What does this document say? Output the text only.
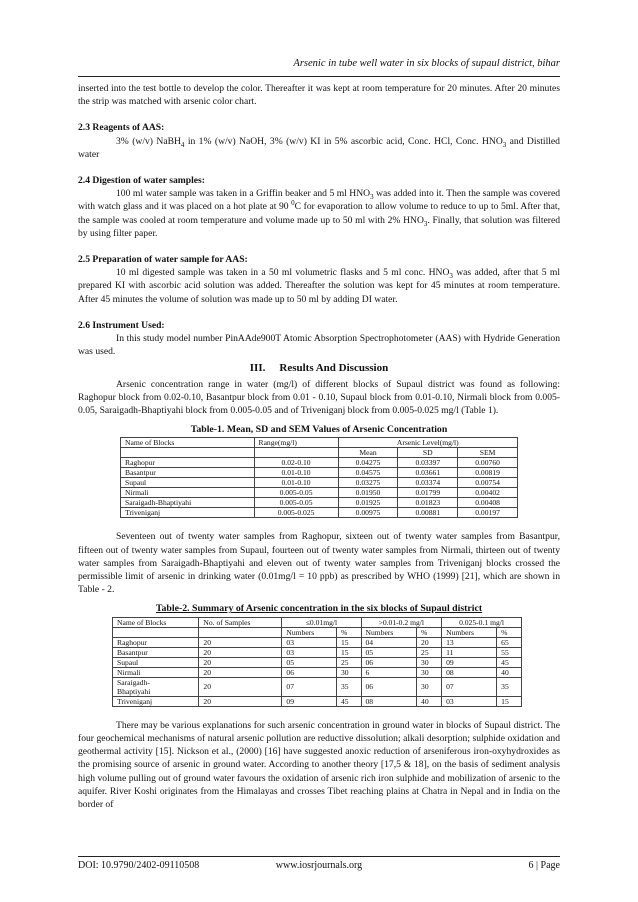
Arsenic in tube well water in six blocks of supaul district, bihar

inserted into the test bottle to develop the color. Thereafter it was kept at room temperature for 20 minutes. After 20 minutes the strip was matched with arsenic color chart.

2.3 Reagents of AAS:

3% (w/v) NaBH$_4$ in 1% (w/v) NaOH, 3% (w/v) KI in 5% ascorbic acid, Conc. HCl, Conc. $HNO_3$ and Distilled water

2.4 Digestion of water samples:

100 ml water sample was taken in a Griffin beaker and 5 ml $HNO_3$ was added into it. Then the sample was covered with watch glass and it was placed on a hot plate at 90 $^0$C for evaporation to allow volume to reduce to up to 5ml. After that, the sample was cooled at room temperature and volume made up to 50 ml with 2% $HNO_3$. Finally, that solution was filtered by using filter paper.

2.5 Preparation of water sample for AAS:

10 ml digested sample was taken in a 50 ml volumetric flasks and 5 ml conc. $HNO_3$ was added, after that 5 ml prepared KI with ascorbic acid solution was added. Thereafter the solution was kept for 45 minutes at room temperature. After 45 minutes the volume of solution was made up to 50 ml by adding DI water.

2.6 Instrument Used:

In this study model number PinAAde900T Atomic Absorption Spectrophotometer (AAS) with Hydride Generation was used.

III. Results And Discussion

Arsenic concentration range in water (mg/l) of different blocks of Supaul district was found as following: Raghopur block from 0.02-0.10, Basantpur block from 0.01 - 0.10, Supaul block from 0.01-0.10, Nirmali block from 0.005-0.05, Saraigadh-Bhaptiyahi block from 0.005-0.05 and of Triveniganj block from 0.005-0.025 mg/l (Table 1).

Table-1. Mean, SD and SEM Values of Arsenic Concentration
Name of Blocks	Range(mg/l)	Arsenic Level(mg/l)		
		Mean	SD	SEM
Raghopur	0.02-0.10	0.04275	0.03397	0.00760
Basantpur	0.01-0.10	0.04575	0.03661	0.00819
Supaul	0.01-0.10	0.03275	0.03374	0.00754
Nirmali	0.005-0.05	0.01950	0.01799	0.00402
Saraigadh-Bhaptiyahi	0.005-0.05	0.01925	0.01823	0.00408
Triveniganj	0.005-0.025	0.00975	0.00881	0.00197

Seventeen out of twenty water samples from Raghopur, sixteen out of twenty water samples from Basantpur, fifteen out of twenty water samples from Supaul, fourteen out of twenty water samples from Nirmali, thirteen out of twenty water samples from Saraigadh-Bhaptiyahi and eleven out of twenty water samples from Triveniganj blocks crossed the permissible limit of arsenic in drinking water (0.01mg/l = 10 ppb) as prescribed by WHO (1999) [21], which are shown in Table - 2.

Table-2. Summary of Arsenic concentration in the six blocks of Supaul district
Name of Blocks	No. of Samples	≤0.01mg/l		>0.01-0.2 mg/l		0.025-0.1 mg/l	
		Numbers	%	Numbers	%	Numbers	%
Raghopur	20	03	15	04	20	13	65
Basantpur	20	03	15	05	25	11	55
Supaul	20	05	25	06	30	09	45
Nirmali	20	06	30	6	30	08	40
Saraigadh-
Bhaptiyahi	20	07	35	06	30	07	35
Triveniganj	20	09	45	08	40	03	15

There may be various explanations for such arsenic concentration in ground water in blocks of Supaul district. The four geochemical mechanisms of natural arsenic pollution are reductive dissolution; alkali desorption; sulphide oxidation and geothermal activity [15]. Nickson et al., (2000) [16] have suggested anoxic reduction of arseniferous iron-oxyhydroxides as the promising source of arsenic in ground water. According to another theory [17,5 & 18], on the basis of sediment analysis high volume pulling out of ground water favours the oxidation of arsenic rich iron sulphide and mobilization of arsenic to the aquifer. River Koshi originates from the Himalayas and crosses Tibet reaching plains at Chatra in Nepal and in India on the border of

DOI: 10.9790/2402-09110508	www.iosrjournals.org	6 | Page
